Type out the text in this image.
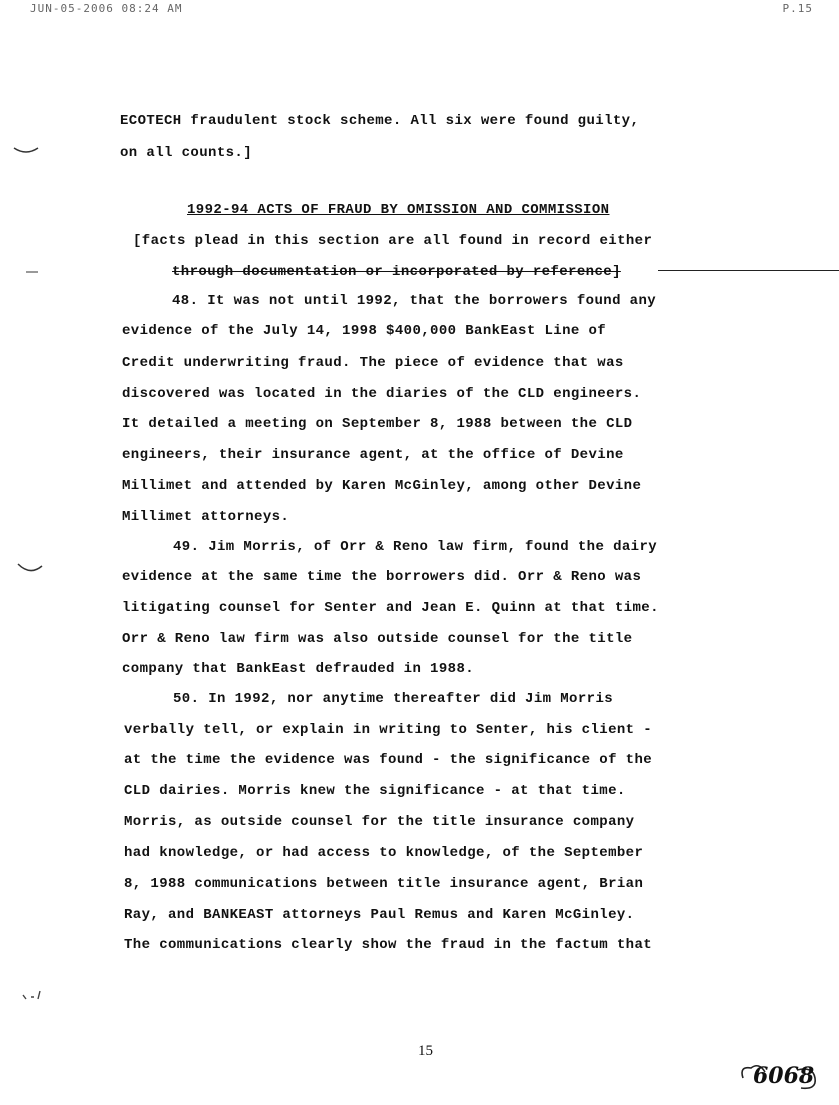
JUN-05-2006 08:24 AM	P.15
ECOTECH fraudulent stock scheme. All six were found guilty,
on all counts.]
1992-94 ACTS OF FRAUD BY OMISSION AND COMMISSION
[facts plead in this section are all found in record either
through documentation or incorporated by reference]
48. It was not until 1992, that the borrowers found any
evidence of the July 14, 1998 $400,000 BankEast Line of
Credit underwriting fraud. The piece of evidence that was
discovered was located in the diaries of the CLD engineers.
It detailed a meeting on September 8, 1988 between the CLD
engineers, their insurance agent, at the office of Devine
Millimet and attended by Karen McGinley, among other Devine
Millimet attorneys.
49. Jim Morris, of Orr & Reno law firm, found the dairy
evidence at the same time the borrowers did. Orr & Reno was
litigating counsel for Senter and Jean E. Quinn at that time.
Orr & Reno law firm was also outside counsel for the title
company that BankEast defrauded in 1988.
50. In 1992, nor anytime thereafter did Jim Morris
verbally tell, or explain in writing to Senter, his client -
at the time the evidence was found - the significance of the
CLD dairies. Morris knew the significance - at that time.
Morris, as outside counsel for the title insurance company
had knowledge, or had access to knowledge, of the September
8, 1988 communications between title insurance agent, Brian
Ray, and BANKEAST attorneys Paul Remus and Karen McGinley.
The communications clearly show the fraud in the factum that
15
6068
